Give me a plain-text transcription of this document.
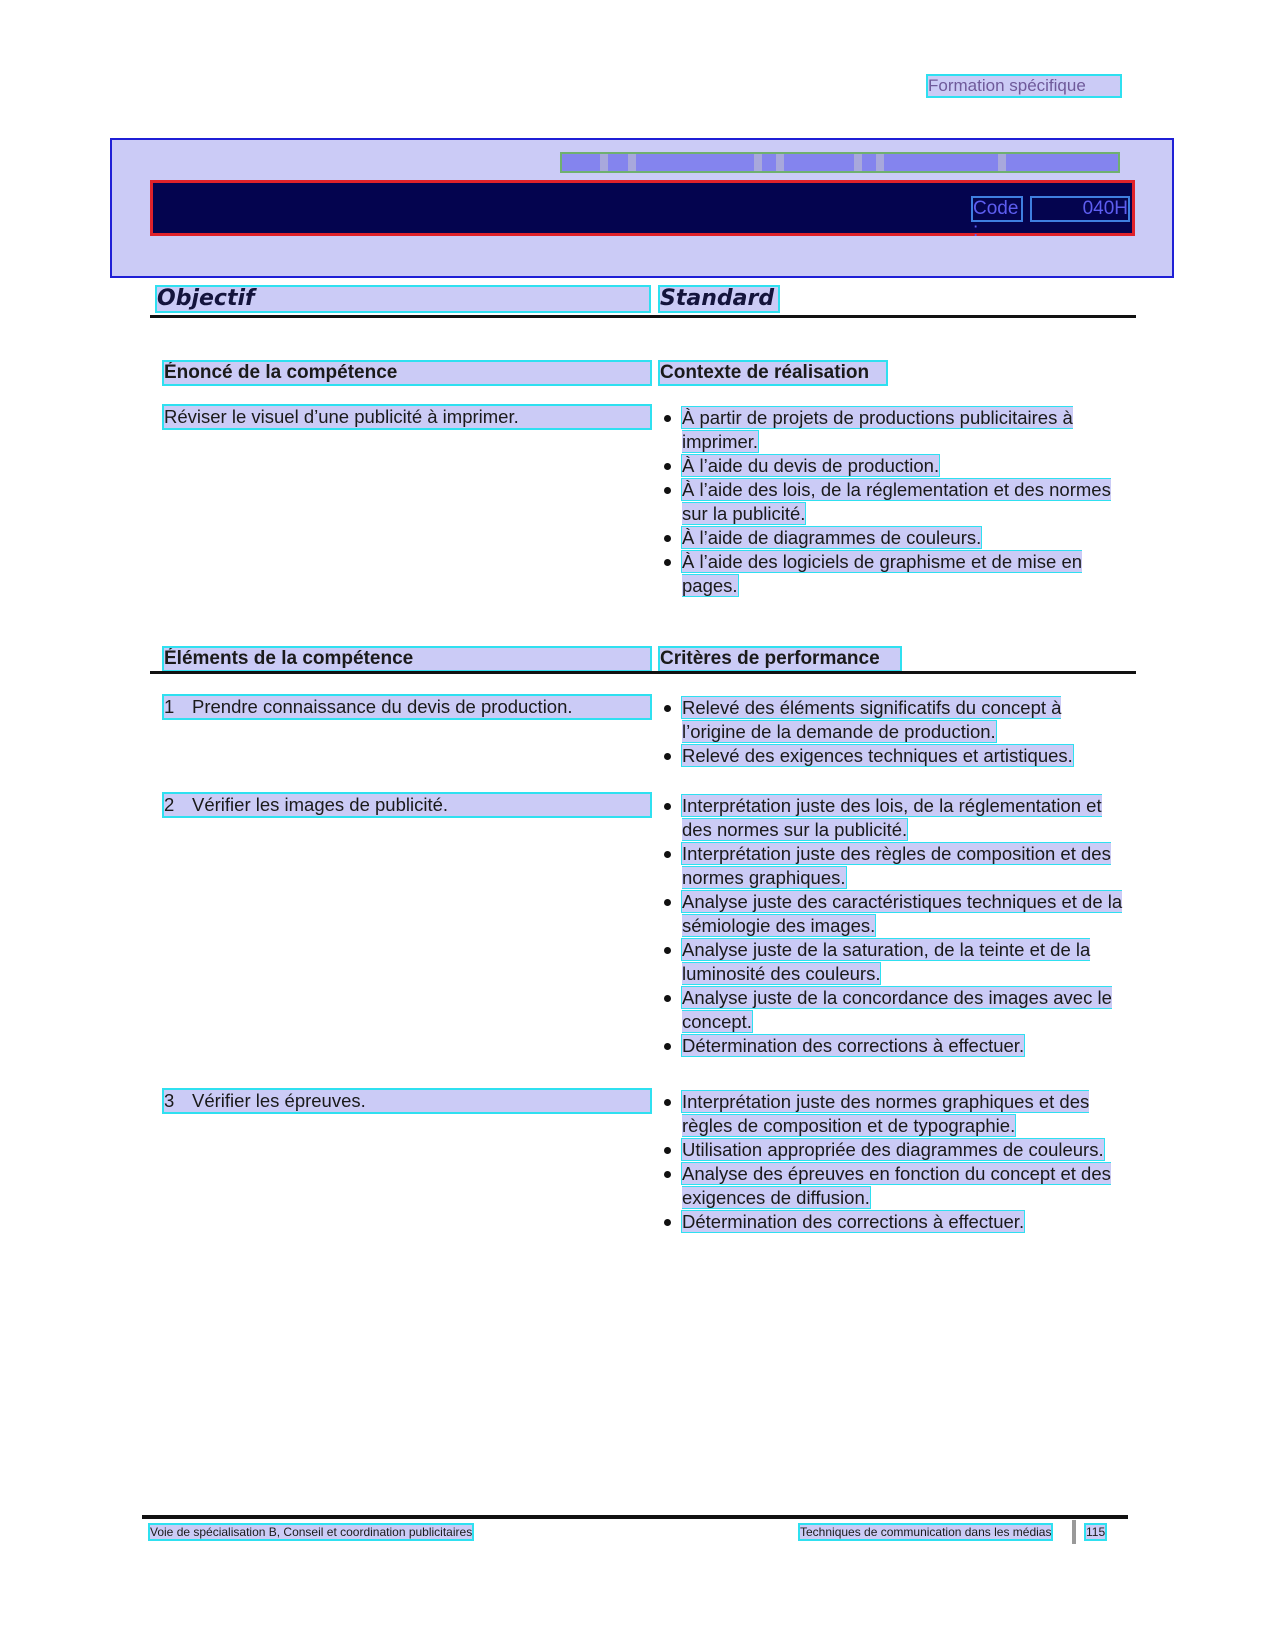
Formation spécifique
Code :
040H
Objectif	Standard
Énoncé de la compétence	Contexte de réalisation
Réviser le visuel d’une publicité à imprimer.	À partir de projets de productions publicitaires à imprimer.
À l’aide du devis de production.
À l’aide des lois, de la réglementation et des normes sur la publicité.
À l’aide de diagrammes de couleurs.
À l’aide des logiciels de graphisme et de mise en pages.
Éléments de la compétence	Critères de performance
1 Prendre connaissance du devis de production.	Relevé des éléments significatifs du concept à l’origine de la demande de production.
Relevé des exigences techniques et artistiques.
2 Vérifier les images de publicité.	Interprétation juste des lois, de la réglementation et des normes sur la publicité.
Interprétation juste des règles de composition et des normes graphiques.
Analyse juste des caractéristiques techniques et de la sémiologie des images.
Analyse juste de la saturation, de la teinte et de la luminosité des couleurs.
Analyse juste de la concordance des images avec le concept.
Détermination des corrections à effectuer.
3 Vérifier les épreuves.	Interprétation juste des normes graphiques et des règles de composition et de typographie.
Utilisation appropriée des diagrammes de couleurs.
Analyse des épreuves en fonction du concept et des exigences de diffusion.
Détermination des corrections à effectuer.
Voie de spécialisation B, Conseil et coordination publicitaires	Techniques de communication dans les médias	115
